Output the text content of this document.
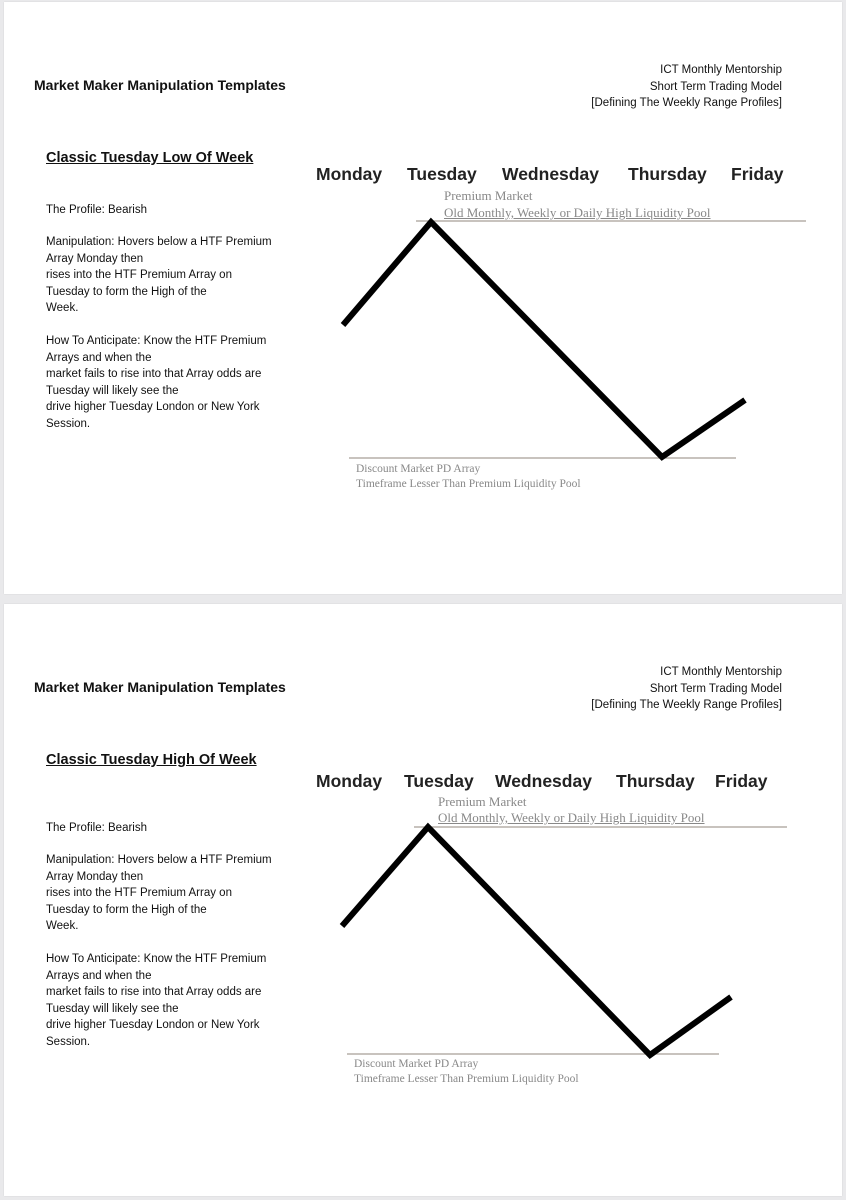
Market Maker Manipulation Templates
ICT Monthly Mentorship
Short Term Trading Model
[Defining The Weekly Range Profiles]
Classic Tuesday Low Of Week
The Profile: Bearish
Manipulation: Hovers below a HTF Premium
Array Monday then
rises into the HTF Premium Array on
Tuesday to form the High of the
Week.
How To Anticipate: Know the HTF Premium
Arrays and when the
market fails to rise into that Array odds are
Tuesday will likely see the
drive higher Tuesday London or New York
Session.
Monday Tuesday Wednesday Thursday Friday
Premium Market
Old Monthly, Weekly or Daily High Liquidity Pool
Discount Market PD Array
Timeframe Lesser Than Premium Liquidity Pool
Market Maker Manipulation Templates
ICT Monthly Mentorship
Short Term Trading Model
[Defining The Weekly Range Profiles]
Classic Tuesday High Of Week
The Profile: Bearish
Manipulation: Hovers below a HTF Premium
Array Monday then
rises into the HTF Premium Array on
Tuesday to form the High of the
Week.
How To Anticipate: Know the HTF Premium
Arrays and when the
market fails to rise into that Array odds are
Tuesday will likely see the
drive higher Tuesday London or New York
Session.
Monday Tuesday Wednesday Thursday Friday
Premium Market
Old Monthly, Weekly or Daily High Liquidity Pool
Discount Market PD Array
Timeframe Lesser Than Premium Liquidity Pool
